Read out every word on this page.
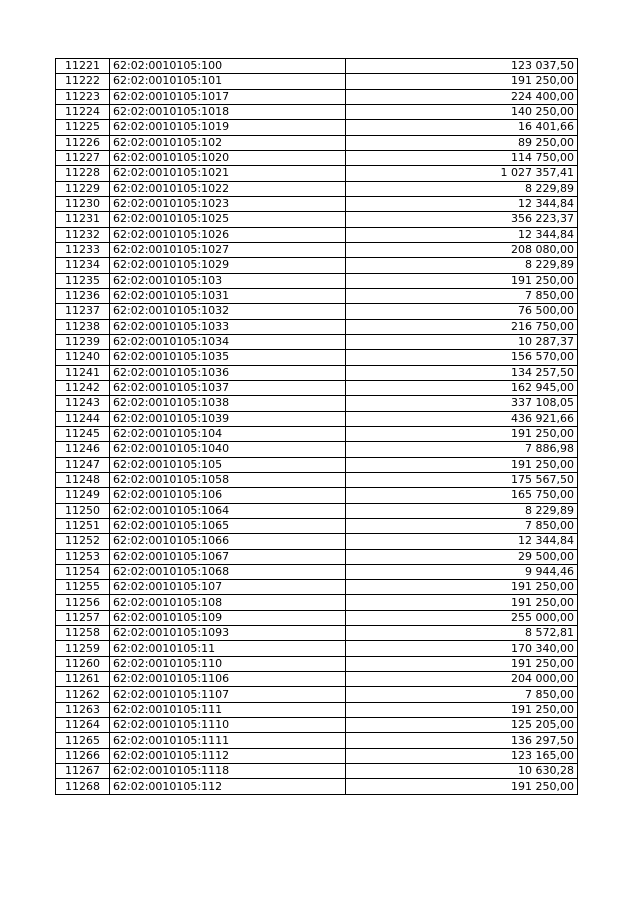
11221	62:02:0010105:100	123 037,50
11222	62:02:0010105:101	191 250,00
11223	62:02:0010105:1017	224 400,00
11224	62:02:0010105:1018	140 250,00
11225	62:02:0010105:1019	16 401,66
11226	62:02:0010105:102	89 250,00
11227	62:02:0010105:1020	114 750,00
11228	62:02:0010105:1021	1 027 357,41
11229	62:02:0010105:1022	8 229,89
11230	62:02:0010105:1023	12 344,84
11231	62:02:0010105:1025	356 223,37
11232	62:02:0010105:1026	12 344,84
11233	62:02:0010105:1027	208 080,00
11234	62:02:0010105:1029	8 229,89
11235	62:02:0010105:103	191 250,00
11236	62:02:0010105:1031	7 850,00
11237	62:02:0010105:1032	76 500,00
11238	62:02:0010105:1033	216 750,00
11239	62:02:0010105:1034	10 287,37
11240	62:02:0010105:1035	156 570,00
11241	62:02:0010105:1036	134 257,50
11242	62:02:0010105:1037	162 945,00
11243	62:02:0010105:1038	337 108,05
11244	62:02:0010105:1039	436 921,66
11245	62:02:0010105:104	191 250,00
11246	62:02:0010105:1040	7 886,98
11247	62:02:0010105:105	191 250,00
11248	62:02:0010105:1058	175 567,50
11249	62:02:0010105:106	165 750,00
11250	62:02:0010105:1064	8 229,89
11251	62:02:0010105:1065	7 850,00
11252	62:02:0010105:1066	12 344,84
11253	62:02:0010105:1067	29 500,00
11254	62:02:0010105:1068	9 944,46
11255	62:02:0010105:107	191 250,00
11256	62:02:0010105:108	191 250,00
11257	62:02:0010105:109	255 000,00
11258	62:02:0010105:1093	8 572,81
11259	62:02:0010105:11	170 340,00
11260	62:02:0010105:110	191 250,00
11261	62:02:0010105:1106	204 000,00
11262	62:02:0010105:1107	7 850,00
11263	62:02:0010105:111	191 250,00
11264	62:02:0010105:1110	125 205,00
11265	62:02:0010105:1111	136 297,50
11266	62:02:0010105:1112	123 165,00
11267	62:02:0010105:1118	10 630,28
11268	62:02:0010105:112	191 250,00
